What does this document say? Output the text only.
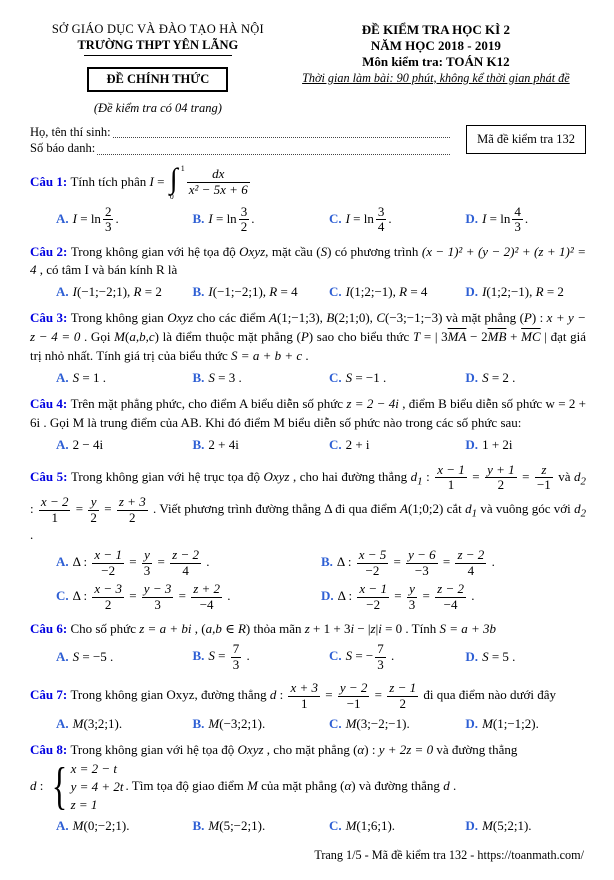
SỞ GIÁO DỤC VÀ ĐÀO TẠO HÀ NỘI
TRƯỜNG THPT YÊN LÃNG
ĐỀ CHÍNH THỨC
(Đề kiểm tra có 04 trang)
ĐỀ KIỂM TRA HỌC KÌ 2
NĂM HỌC 2018 - 2019
Môn kiểm tra: TOÁN K12
Thời gian làm bài: 90 phút, không kể thời gian phát đề
Họ, tên thí sinh:
Số báo danh:
Mã đề kiểm tra 132
Câu 1: Tính tích phân I = ∫ 1
$0 \frac{dx}{\text{x² − 5x + 6}}$
A. $I = \ln \frac{2}{3}$ .	B. $I = \ln \frac{3}{2}$ .	C. $I = \ln \frac{3}{4}$ .	D. $I = \ln \frac{4}{3}$ .
Câu 2: Trong không gian với hệ tọa độ Oxyz, mặt cầu (S) có phương trình (x − 1)² + (y − 2)² + (z + 1)² = 4 , có tâm I và bán kính R là
A. I(−1;−2;1), R = 2	B. I(−1;−2;1), R = 4	C. I(1;2;−1), R = 4	D. I(1;2;−1), R = 2
Câu 3: Trong không gian Oxyz cho các điểm A(1;−1;3), B(2;1;0), C(−3;−1;−3) và mặt phẳng (P) : x + y − z − 4 = 0 . Gọi M(a,b,c) là điểm thuộc mặt phẳng (P) sao cho biểu thức T = | $3\overline{MA} - 2\overline{MB} + \overline{MC}$ | đạt giá trị nhỏ nhất. Tính giá trị của biểu thức S = a + b + c .
A. S = 1 .	B. S = 3 .	C. S = −1 .	D. S = 2 .
Câu 4: Trên mặt phẳng phức, cho điểm A biểu diễn số phức z = 2 − 4i , điểm B biểu diễn số phức w = 2 + 6i . Gọi M là trung điểm của AB. Khi đó điểm M biểu diễn số phức nào trong các số phức sau:
A. 2 − 4i	B. 2 + 4i	C. 2 + i	D. 1 + 2i
Câu 5: Trong không gian với hệ trục tọa độ Oxyz , cho hai đường thẳng $d_1$ : $\frac{x - 1}{1} = \frac{y + 1}{2} = \frac{z}{-1}$ và $d_2$ : $\frac{x - 2}{1} = \frac{y}{2} = \frac{z + 3}{2}$ . Viết phương trình đường thẳng Δ đi qua điểm A(1;0;2) cắt $d_1$ và vuông góc với $d_2$ .
A. Δ : $\frac{x - 1}{-2} = \frac{y}{3} = \frac{z - 2}{4}$ .	B. Δ : $\frac{x - 5}{-2} = \frac{y - 6}{-3} = \frac{z - 2}{4}$ .
C. Δ : $\frac{x - 3}{2} = \frac{y - 3}{3} = \frac{z + 2}{-4}$ .	D. Δ : $\frac{x - 1}{-2} = \frac{y}{3} = \frac{z - 2}{-4}$ .
Câu 6: Cho số phức z = a + bi , (a,b ∈ R) thỏa mãn z + 1 + 3i − |z|i = 0 . Tính S = a + 3b
A. S = −5 .	B. $S = \frac{7}{3}$ .	C. S = − $\frac{7}{3}$ .	D. S = 5 .
Câu 7: Trong không gian Oxyz, đường thẳng d : $\frac{x + 3}{1} = \frac{y - 2}{-1} = \frac{z - 1}{2}$ đi qua điểm nào dưới đây
A. M(3;2;1).	B. M(−3;2;1).	C. M(3;−2;−1).	D. M(1;−1;2).
Câu 8: Trong không gian với hệ tọa độ Oxyz , cho mặt phẳng (α) : y + 2z = 0 và đường thẳng
d : { x = 2 − t
y = 4 + 2t
z = 1
. Tìm tọa độ giao điểm M của mặt phẳng (α) và đường thẳng d .
A. M(0;−2;1).	B. M(5;−2;1).	C. M(1;6;1).	D. M(5;2;1).
Trang 1/5 - Mã đề kiểm tra 132 - https://toanmath.com/
